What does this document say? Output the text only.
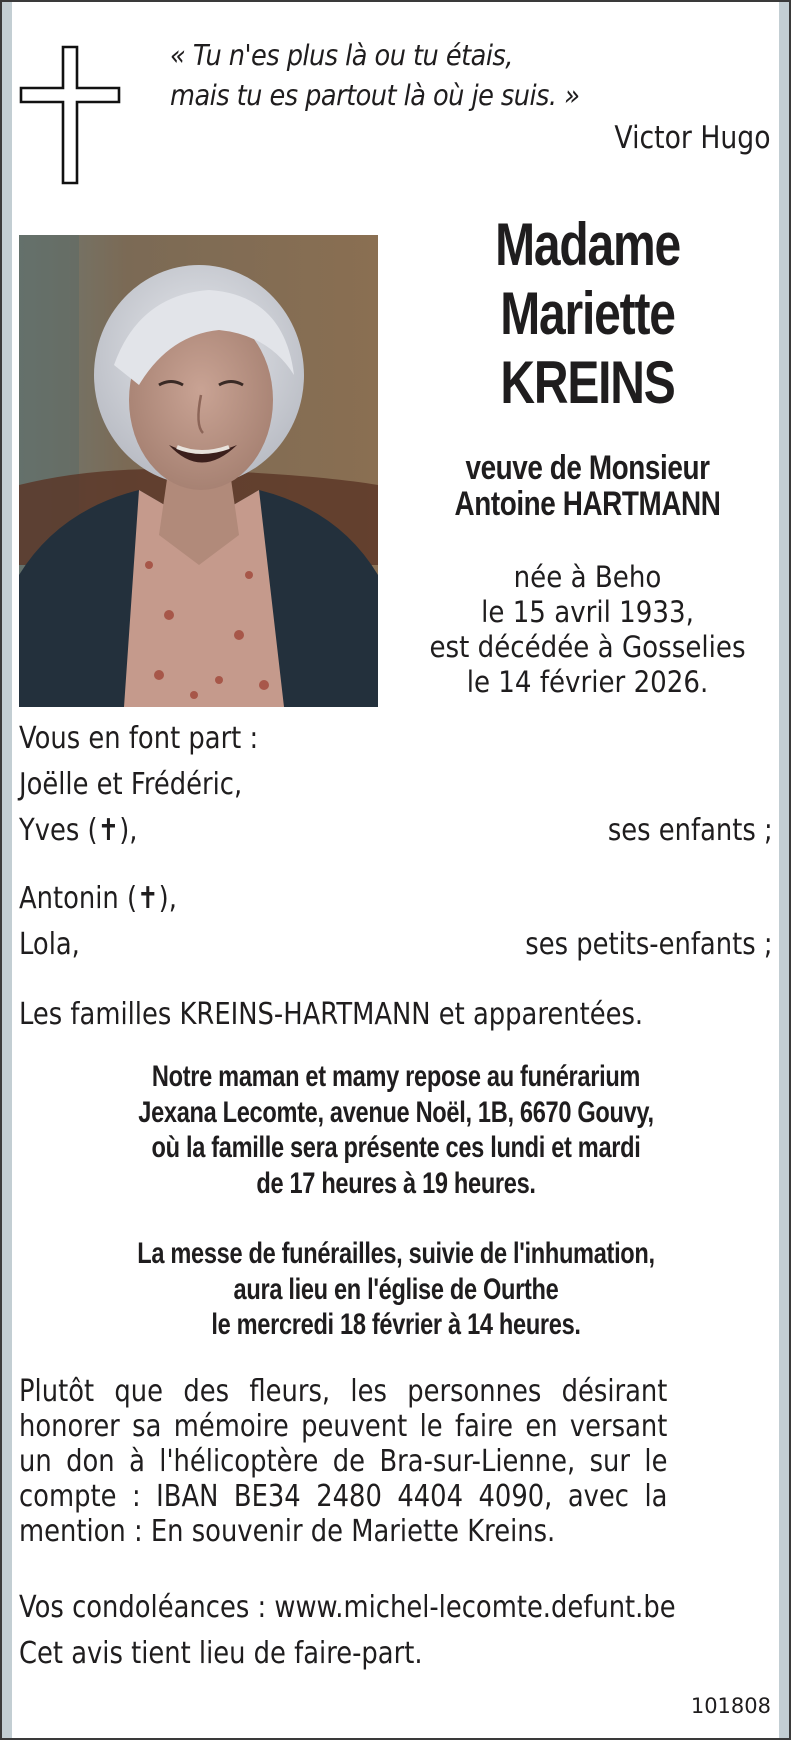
« Tu n'es plus là ou tu étais,
mais tu es partout là où je suis. »
Victor Hugo
Madame
Mariette
KREINS
veuve de Monsieur
Antoine HARTMANN
née à Beho
le 15 avril 1933,
est décédée à Gosselies
le 14 février 2026.
Vous en font part :
Joëlle et Frédéric,
Yves (✝),	ses enfants ;
Antonin (✝),
Lola,	ses petits-enfants ;
Les familles KREINS-HARTMANN et apparentées.
Notre maman et mamy repose au funérarium
Jexana Lecomte, avenue Noël, 1B, 6670 Gouvy,
où la famille sera présente ces lundi et mardi
de 17 heures à 19 heures.
La messe de funérailles, suivie de l'inhumation,
aura lieu en l'église de Ourthe
le mercredi 18 février à 14 heures.
Plutôt que des fleurs, les personnes désirant
honorer sa mémoire peuvent le faire en versant
un don à l'hélicoptère de Bra-sur-Lienne, sur le
compte : IBAN BE34 2480 4404 4090, avec la
mention : En souvenir de Mariette Kreins.
Vos condoléances : www.michel-lecomte.defunt.be
Cet avis tient lieu de faire-part.
101808
